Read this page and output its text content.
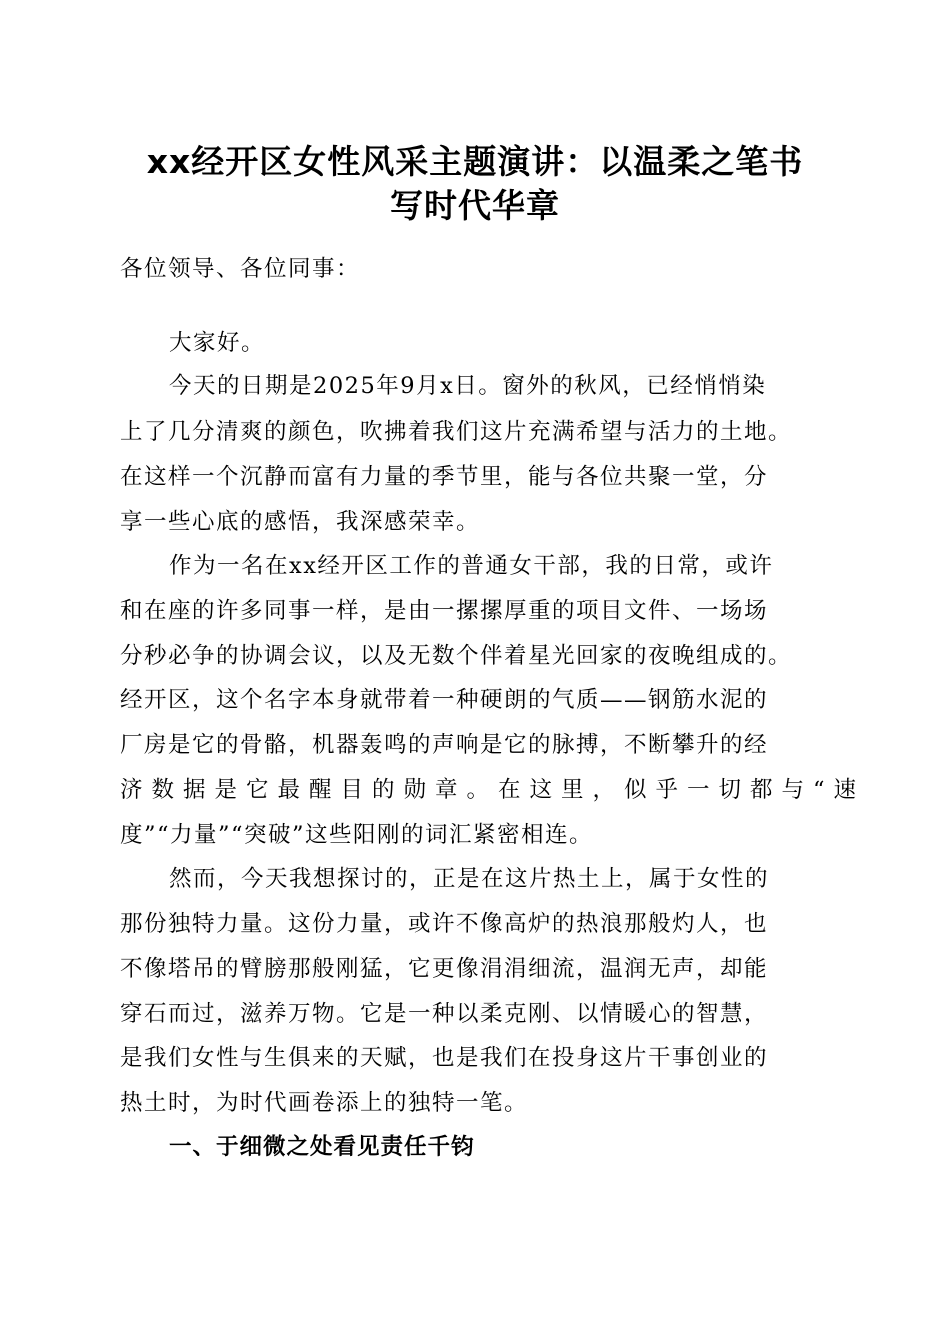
xx经开区女性风采主题演讲：以温柔之笔书
写时代华章
各位领导、各位同事：
大家好。
今天的日期是2025年9月x日。窗外的秋风，已经悄悄染
上了几分清爽的颜色，吹拂着我们这片充满希望与活力的土地。
在这样一个沉静而富有力量的季节里，能与各位共聚一堂，分
享一些心底的感悟，我深感荣幸。
作为一名在xx经开区工作的普通女干部，我的日常，或许
和在座的许多同事一样，是由一摞摞厚重的项目文件、一场场
分秒必争的协调会议，以及无数个伴着星光回家的夜晚组成的。
经开区，这个名字本身就带着一种硬朗的气质——钢筋水泥的
厂房是它的骨骼，机器轰鸣的声响是它的脉搏，不断攀升的经
济数据是它最醒目的勋章。在这里，似乎一切都与“速
度”“力量”“突破”这些阳刚的词汇紧密相连。
然而，今天我想探讨的，正是在这片热土上，属于女性的
那份独特力量。这份力量，或许不像高炉的热浪那般灼人，也
不像塔吊的臂膀那般刚猛，它更像涓涓细流，温润无声，却能
穿石而过，滋养万物。它是一种以柔克刚、以情暖心的智慧，
是我们女性与生俱来的天赋，也是我们在投身这片干事创业的
热土时，为时代画卷添上的独特一笔。
一、于细微之处看见责任千钧
